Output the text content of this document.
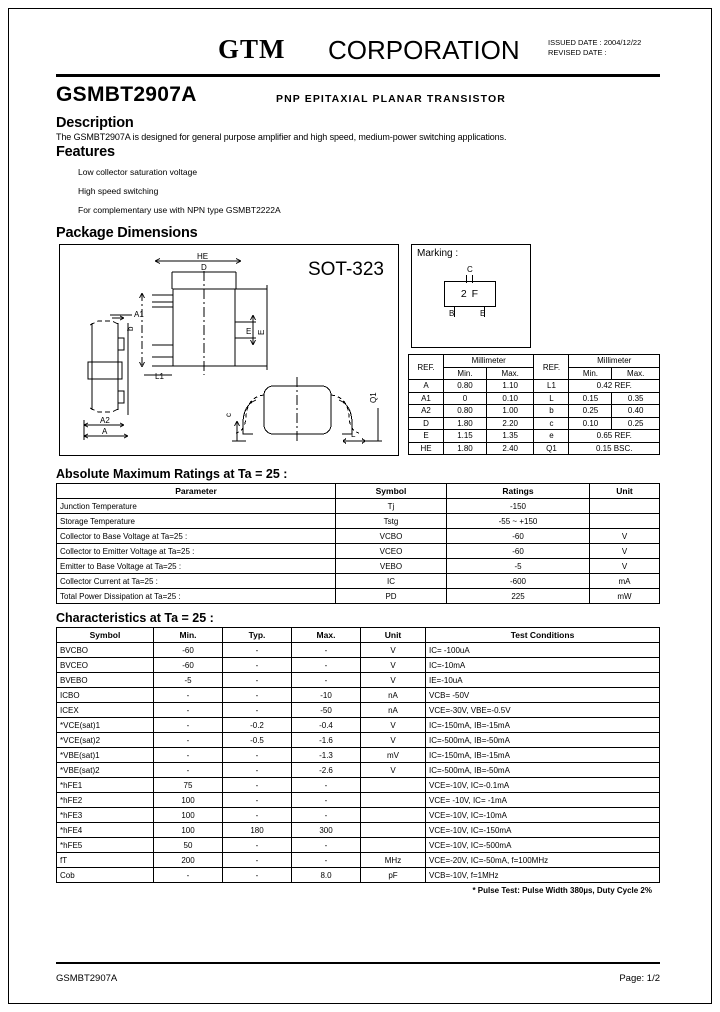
GTM CORPORATION	ISSUED DATE : 2004/12/22
REVISED DATE :
GSMBT2907A	PNP EPITAXIAL PLANAR TRANSISTOR
Description

The GSMBT2907A is designed for general purpose amplifier and high speed, medium-power switching applications.

Features
Low collector saturation voltage
High speed switching
For complementary use with NPN type GSMBT2222A
Package Dimensions
SOT-323
A1
A2
A
HE
D
E
b
L1
E
c
L
Q1
Marking :
C
2 F
B	E
REF.	Millimeter		REF.	Millimeter	
	Min.	Max.		Min.	Max.
A	0.80	1.10	L1	0.42 REF.	
A1	0	0.10	L	0.15	0.35
A2	0.80	1.00	b	0.25	0.40
D	1.80	2.20	c	0.10	0.25
E	1.15	1.35	e	0.65 REF.	
HE	1.80	2.40	Q1	0.15 BSC.	
Absolute Maximum Ratings at Ta = 25 :
Parameter	Symbol	Ratings	Unit
Junction Temperature	Tj	-150	
Storage Temperature	Tstg	-55 ~ +150	
Collector to Base Voltage at Ta=25 :	VCBO	-60	V
Collector to Emitter Voltage at Ta=25 :	VCEO	-60	V
Emitter to Base Voltage at Ta=25 :	VEBO	-5	V
Collector Current at Ta=25 :	IC	-600	mA
Total Power Dissipation at Ta=25 :	PD	225	mW
Characteristics at Ta = 25 :
Symbol	Min.	Typ.	Max.	Unit	Test Conditions
BVCBO	-60	-	-	V	IC= -100uA
BVCEO	-60	-	-	V	IC=-10mA
BVEBO	-5	-	-	V	IE=-10uA
ICBO	-	-	-10	nA	VCB= -50V
ICEX	-	-	-50	nA	VCE=-30V, VBE=-0.5V
*VCE(sat)1	-	-0.2	-0.4	V	IC=-150mA, IB=-15mA
*VCE(sat)2	-	-0.5	-1.6	V	IC=-500mA, IB=-50mA
*VBE(sat)1	-	-	-1.3	mV	IC=-150mA, IB=-15mA
*VBE(sat)2	-	-	-2.6	V	IC=-500mA, IB=-50mA
*hFE1	75	-	-		VCE=-10V, IC=-0.1mA
*hFE2	100	-	-		VCE= -10V, IC= -1mA
*hFE3	100	-	-		VCE=-10V, IC=-10mA
*hFE4	100	180	300		VCE=-10V, IC=-150mA
*hFE5	50	-	-		VCE=-10V, IC=-500mA
fT	200	-	-	MHz	VCE=-20V, IC=-50mA, f=100MHz
Cob	-	-	8.0	pF	VCB=-10V, f=1MHz
* Pulse Test: Pulse Width 380µs, Duty Cycle 2%
GSMBT2907A	Page: 1/2
